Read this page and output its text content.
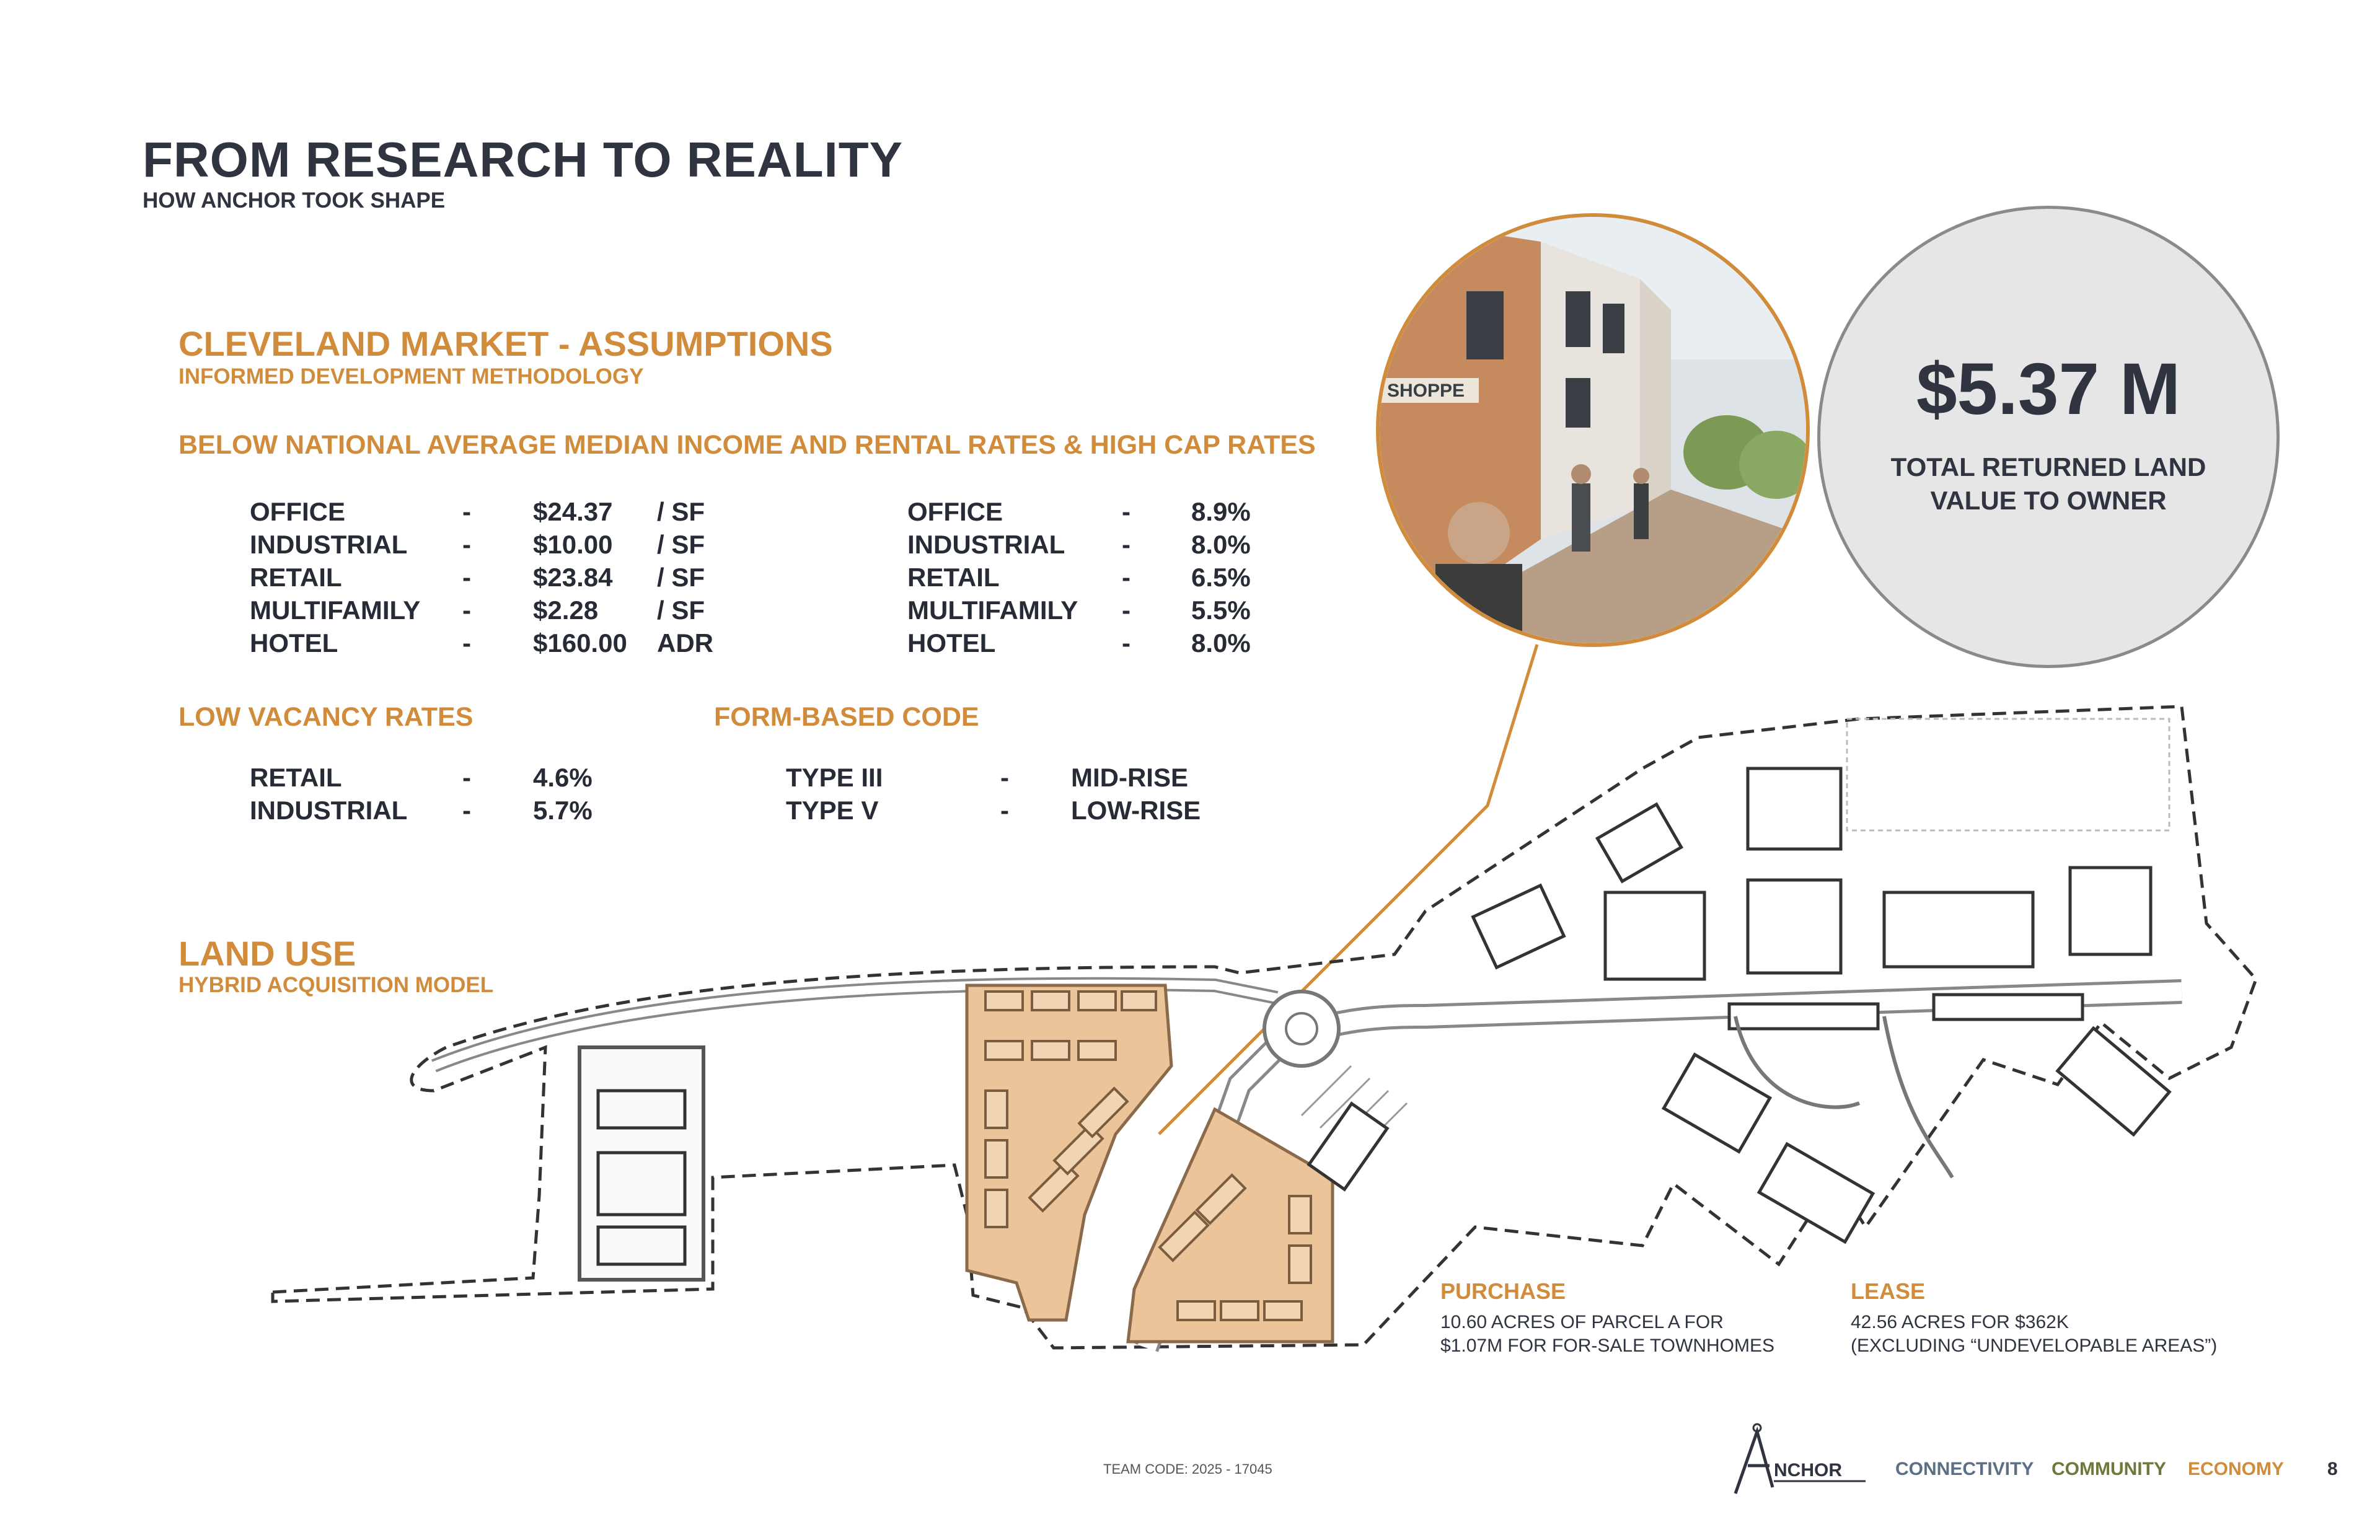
FROM RESEARCH TO REALITY
HOW ANCHOR TOOK SHAPE
CLEVELAND MARKET - ASSUMPTIONS
INFORMED DEVELOPMENT METHODOLOGY
BELOW NATIONAL AVERAGE MEDIAN INCOME AND RENTAL RATES & HIGH CAP RATES
OFFICE	- $24.37 / SF
INDUSTRIAL - $10.00 / SF
RETAIL	- $23.84 / SF
MULTIFAMILY - $2.28 / SF
HOTEL	- $160.00 ADR
OFFICE	- 8.9%
INDUSTRIAL - 8.0%
RETAIL	- 6.5%
MULTIFAMILY - 5.5%
HOTEL	- 8.0%
LOW VACANCY RATES	FORM-BASED CODE
RETAIL	- 4.6%
INDUSTRIAL - 5.7%
TYPE III	- MID-RISE
TYPE V	- LOW-RISE
LAND USE
HYBRID ACQUISITION MODEL
$5.37 M
TOTAL RETURNED LAND
VALUE TO OWNER
SHOPPE
PURCHASE
10.60 ACRES OF PARCEL A FOR
$1.07M FOR FOR-SALE TOWNHOMES
LEASE
42.56 ACRES FOR $362K
(EXCLUDING “UNDEVELOPABLE AREAS”)
TEAM CODE: 2025 - 17045	NCHOR	CONNECTIVITY COMMUNITY ECONOMY 8
